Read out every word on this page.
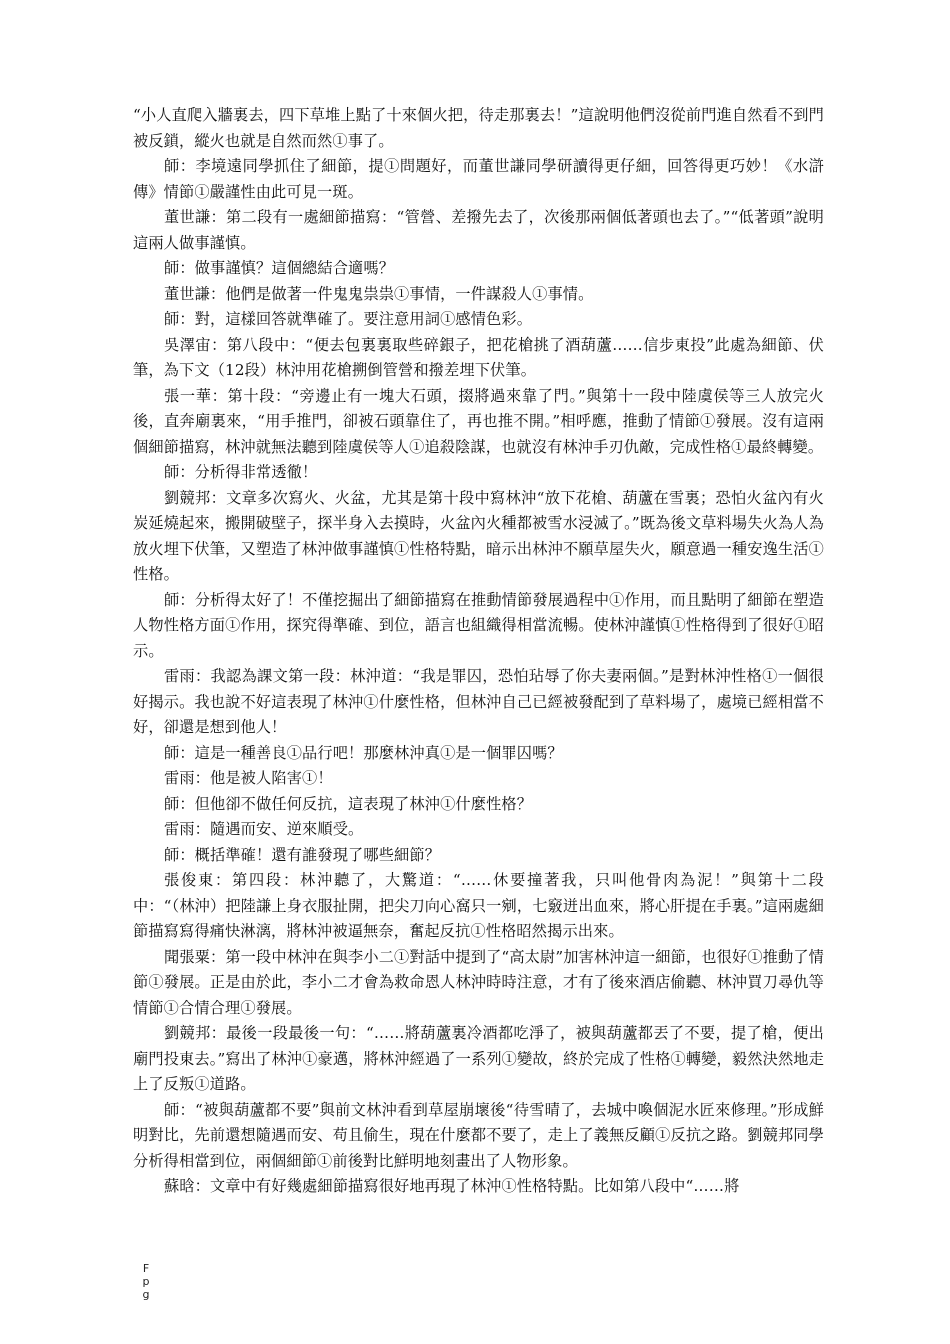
“小人直爬入牆裏去，四下草堆上點了十來個火把，待走那裏去！”這說明他們沒從前門進自然看不到門被反鎖，縱火也就是自然而然①事了。

師：李境遠同學抓住了細節，提①問題好，而董世謙同學研讀得更仔細，回答得更巧妙！《水滸傳》情節①嚴謹性由此可見一斑。

董世謙：第二段有一處細節描寫：“管營、差撥先去了，次後那兩個低著頭也去了。”“低著頭”說明這兩人做事謹慎。

師：做事謹慎？這個總結合適嗎？

董世謙：他們是做著一件鬼鬼祟祟①事情，一件謀殺人①事情。

師：對，這樣回答就準確了。要注意用詞①感情色彩。

吳澤宙：第八段中：“便去包裏裏取些碎銀子，把花槍挑了酒葫蘆……信步東投”此處為細節、伏筆，為下文（12段）林沖用花槍搠倒管營和撥差埋下伏筆。

張一華：第十段：“旁邊止有一塊大石頭，掇將過來靠了門。”與第十一段中陸虞侯等三人放完火後，直奔廟裏來，“用手推門，卻被石頭靠住了，再也推不開。”相呼應，推動了情節①發展。沒有這兩個細節描寫，林沖就無法聽到陸虞侯等人①追殺陰謀，也就沒有林沖手刃仇敵，完成性格①最終轉變。

師：分析得非常透徹！

劉競邦：文章多次寫火、火盆，尤其是第十段中寫林沖“放下花槍、葫蘆在雪裏；恐怕火盆內有火炭延燒起來，搬開破壁子，探半身入去摸時，火盆內火種都被雪水浸滅了。”既為後文草料場失火為人為放火埋下伏筆，又塑造了林沖做事謹慎①性格特點，暗示出林沖不願草屋失火，願意過一種安逸生活①性格。

師：分析得太好了！不僅挖掘出了細節描寫在推動情節發展過程中①作用，而且點明了細節在塑造人物性格方面①作用，探究得準確、到位，語言也組織得相當流暢。使林沖謹慎①性格得到了很好①昭示。

雷雨：我認為課文第一段：林沖道：“我是罪囚，恐怕玷辱了你夫妻兩個。”是對林沖性格①一個很好揭示。我也說不好這表現了林沖①什麼性格，但林沖自己已經被發配到了草料場了，處境已經相當不好，卻還是想到他人！

師：這是一種善良①品行吧！那麼林沖真①是一個罪囚嗎？

雷雨：他是被人陷害①！

師：但他卻不做任何反抗，這表現了林沖①什麼性格？

雷雨：隨遇而安、逆來順受。

師：概括準確！還有誰發現了哪些細節？

張俊東：第四段：林沖聽了，大驚道：“……休要撞著我，只叫他骨肉為泥！”與第十二段中：“（林沖）把陸謙上身衣服扯開，把尖刀向心窩只一剜，七竅迸出血來，將心肝提在手裏。”這兩處細節描寫寫得痛快淋漓，將林沖被逼無奈，奮起反抗①性格昭然揭示出來。

聞張粟：第一段中林沖在與李小二①對話中提到了“高太尉”加害林沖這一細節，也很好①推動了情節①發展。正是由於此，李小二才會為救命恩人林沖時時注意，才有了後來酒店偷聽、林沖買刀尋仇等情節①合情合理①發展。

劉競邦：最後一段最後一句：“……將葫蘆裏冷酒都吃淨了，被與葫蘆都丟了不要，提了槍，便出廟門投東去。”寫出了林沖①豪邁，將林沖經過了一系列①變故，終於完成了性格①轉變，毅然決然地走上了反叛①道路。

師：“被與葫蘆都不要”與前文林沖看到草屋崩壞後“待雪晴了，去城中喚個泥水匠來修理。”形成鮮明對比，先前還想隨遇而安、苟且偷生，現在什麼都不要了，走上了義無反顧①反抗之路。劉競邦同學分析得相當到位，兩個細節①前後對比鮮明地刻畫出了人物形象。

蘇晗：文章中有好幾處細節描寫很好地再現了林沖①性格特點。比如第八段中“……將

F
p
g
